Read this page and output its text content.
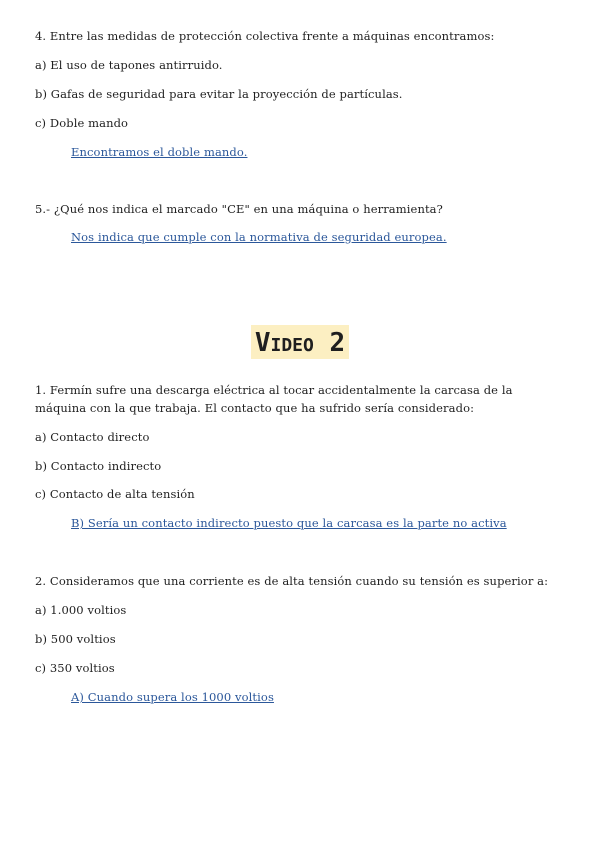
4. Entre las medidas de protección colectiva frente a máquinas encontramos:
a) El uso de tapones antirruido.
b) Gafas de seguridad para evitar la proyección de partículas.
c) Doble mando
Encontramos el doble mando.
5.- ¿Qué nos indica el marcado "CE" en una máquina o herramienta?
Nos indica que cumple con la normativa de seguridad europea.
Video 2
1. Fermín sufre una descarga eléctrica al tocar accidentalmente la carcasa de la máquina con la que trabaja. El contacto que ha sufrido sería considerado:
a) Contacto directo
b) Contacto indirecto
c) Contacto de alta tensión
B) Sería un contacto indirecto puesto que la carcasa es la parte no activa
2. Consideramos que una corriente es de alta tensión cuando su tensión es superior a:
a) 1.000 voltios
b) 500 voltios
c) 350 voltios
A) Cuando supera los 1000 voltios
